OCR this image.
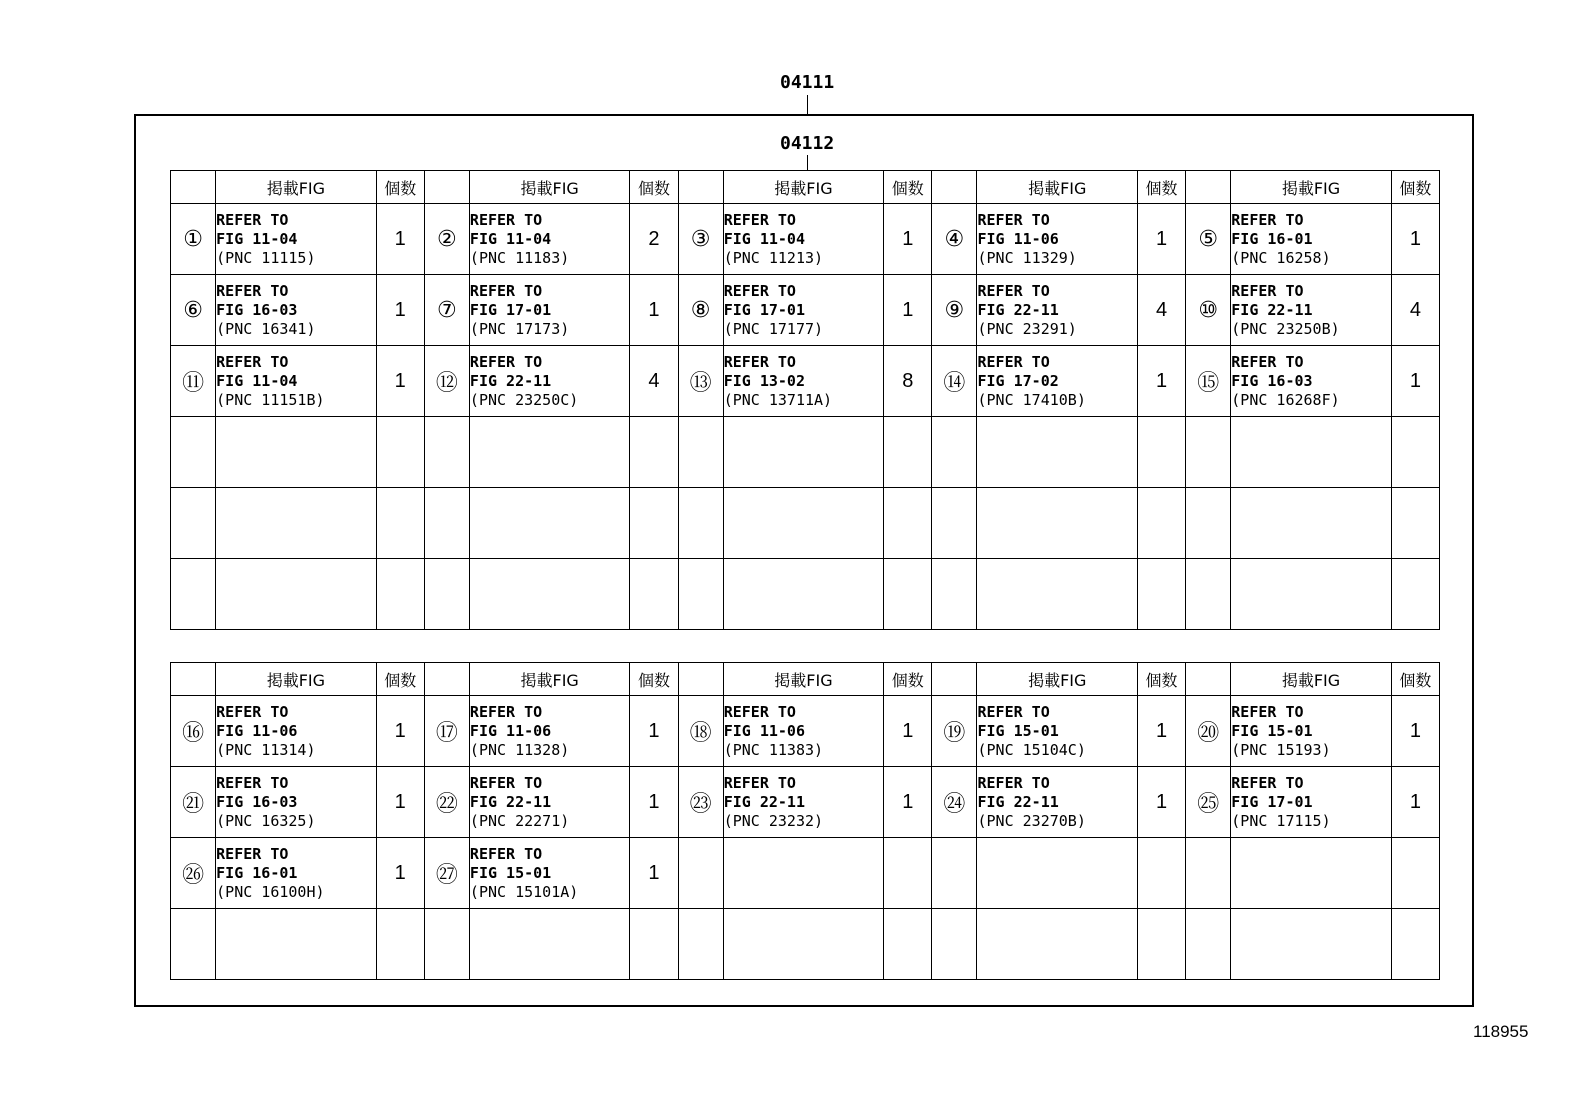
04111
04112
	掲載FIG	個数		掲載FIG	個数		掲載FIG	個数		掲載FIG	個数		掲載FIG	個数
①	REFER TO
FIG 11-04
(PNC 11115)	1	②	REFER TO
FIG 11-04
(PNC 11183)	2	③	REFER TO
FIG 11-04
(PNC 11213)	1	④	REFER TO
FIG 11-06
(PNC 11329)	1	⑤	REFER TO
FIG 16-01
(PNC 16258)	1
⑥	REFER TO
FIG 16-03
(PNC 16341)	1	⑦	REFER TO
FIG 17-01
(PNC 17173)	1	⑧	REFER TO
FIG 17-01
(PNC 17177)	1	⑨	REFER TO
FIG 22-11
(PNC 23291)	4	⑩	REFER TO
FIG 22-11
(PNC 23250B)	4
⑪	REFER TO
FIG 11-04
(PNC 11151B)	1	⑫	REFER TO
FIG 22-11
(PNC 23250C)	4	⑬	REFER TO
FIG 13-02
(PNC 13711A)	8	⑭	REFER TO
FIG 17-02
(PNC 17410B)	1	⑮	REFER TO
FIG 16-03
(PNC 16268F)	1

	掲載FIG	個数		掲載FIG	個数		掲載FIG	個数		掲載FIG	個数		掲載FIG	個数
⑯	REFER TO
FIG 11-06
(PNC 11314)	1	⑰	REFER TO
FIG 11-06
(PNC 11328)	1	⑱	REFER TO
FIG 11-06
(PNC 11383)	1	⑲	REFER TO
FIG 15-01
(PNC 15104C)	1	⑳	REFER TO
FIG 15-01
(PNC 15193)	1
㉑	REFER TO
FIG 16-03
(PNC 16325)	1	㉒	REFER TO
FIG 22-11
(PNC 22271)	1	㉓	REFER TO
FIG 22-11
(PNC 23232)	1	㉔	REFER TO
FIG 22-11
(PNC 23270B)	1	㉕	REFER TO
FIG 17-01
(PNC 17115)	1
㉖	REFER TO
FIG 16-01
(PNC 16100H)	1	㉗	REFER TO
FIG 15-01
(PNC 15101A)	1		

118955
